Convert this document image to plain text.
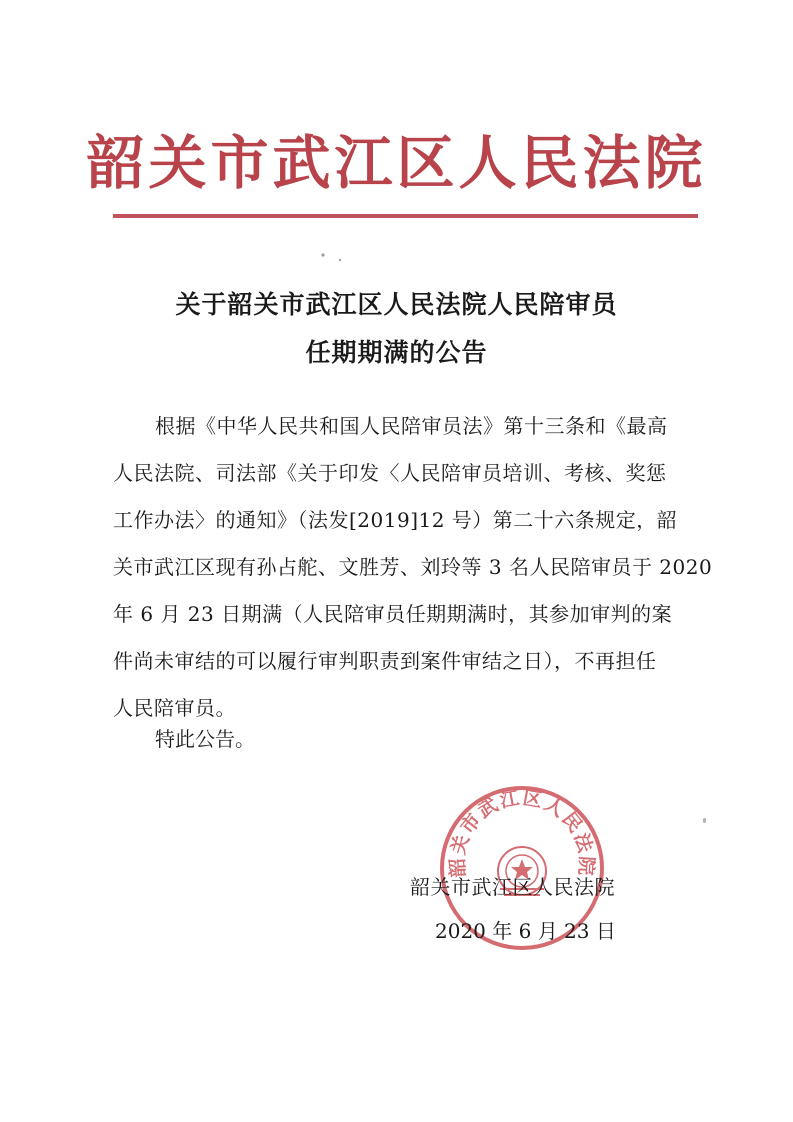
韶关市武江区人民法院
关于韶关市武江区人民法院人民陪审员
任期期满的公告
根据《中华人民共和国人民陪审员法》第十三条和《最高
人民法院、司法部《关于印发〈人民陪审员培训、考核、奖惩
工作办法〉的通知》（法发[2019]12 号）第二十六条规定，韶
关市武江区现有孙占舵、文胜芳、刘玲等 3 名人民陪审员于 2020
年 6 月 23 日期满（人民陪审员任期期满时，其参加审判的案
件尚未审结的可以履行审判职责到案件审结之日），不再担任
人民陪审员。
特此公告。
韶关市武江区人民法院
韶关市武江区人民法院
2020 年 6 月 23 日
